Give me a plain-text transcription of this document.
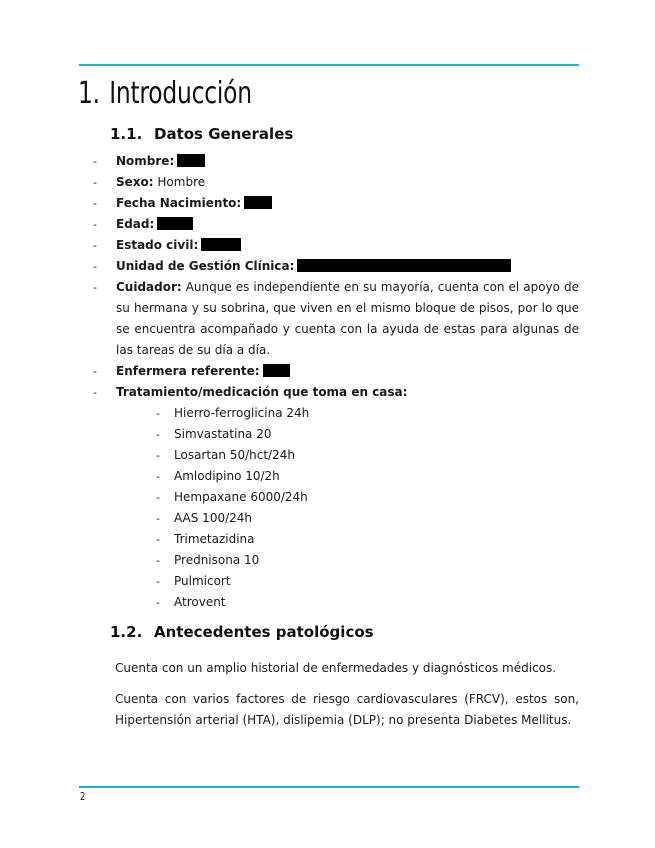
1. Introducción
1.1. Datos Generales
- Nombre:
- Sexo: Hombre
- Fecha Nacimiento:
- Edad:
- Estado civil:
- Unidad de Gestión Clínica:
- Cuidador: Aunque es independiente en su mayoría, cuenta con el apoyo de su hermana y su sobrina, que viven en el mismo bloque de pisos, por lo que se encuentra acompañado y cuenta con la ayuda de estas para algunas de las tareas de su día a día.
- Enfermera referente:
- Tratamiento/medicación que toma en casa:
- Hierro-ferroglicina 24h
- Simvastatina 20
- Losartan 50/hct/24h
- Amlodipino 10/2h
- Hempaxane 6000/24h
- AAS 100/24h
- Trimetazidina
- Prednisona 10
- Pulmicort
- Atrovent
1.2. Antecedentes patológicos

Cuenta con un amplio historial de enfermedades y diagnósticos médicos.

Cuenta con varios factores de riesgo cardiovasculares (FRCV), estos son, Hipertensión arterial (HTA), dislipemia (DLP); no presenta Diabetes Mellitus.

2
